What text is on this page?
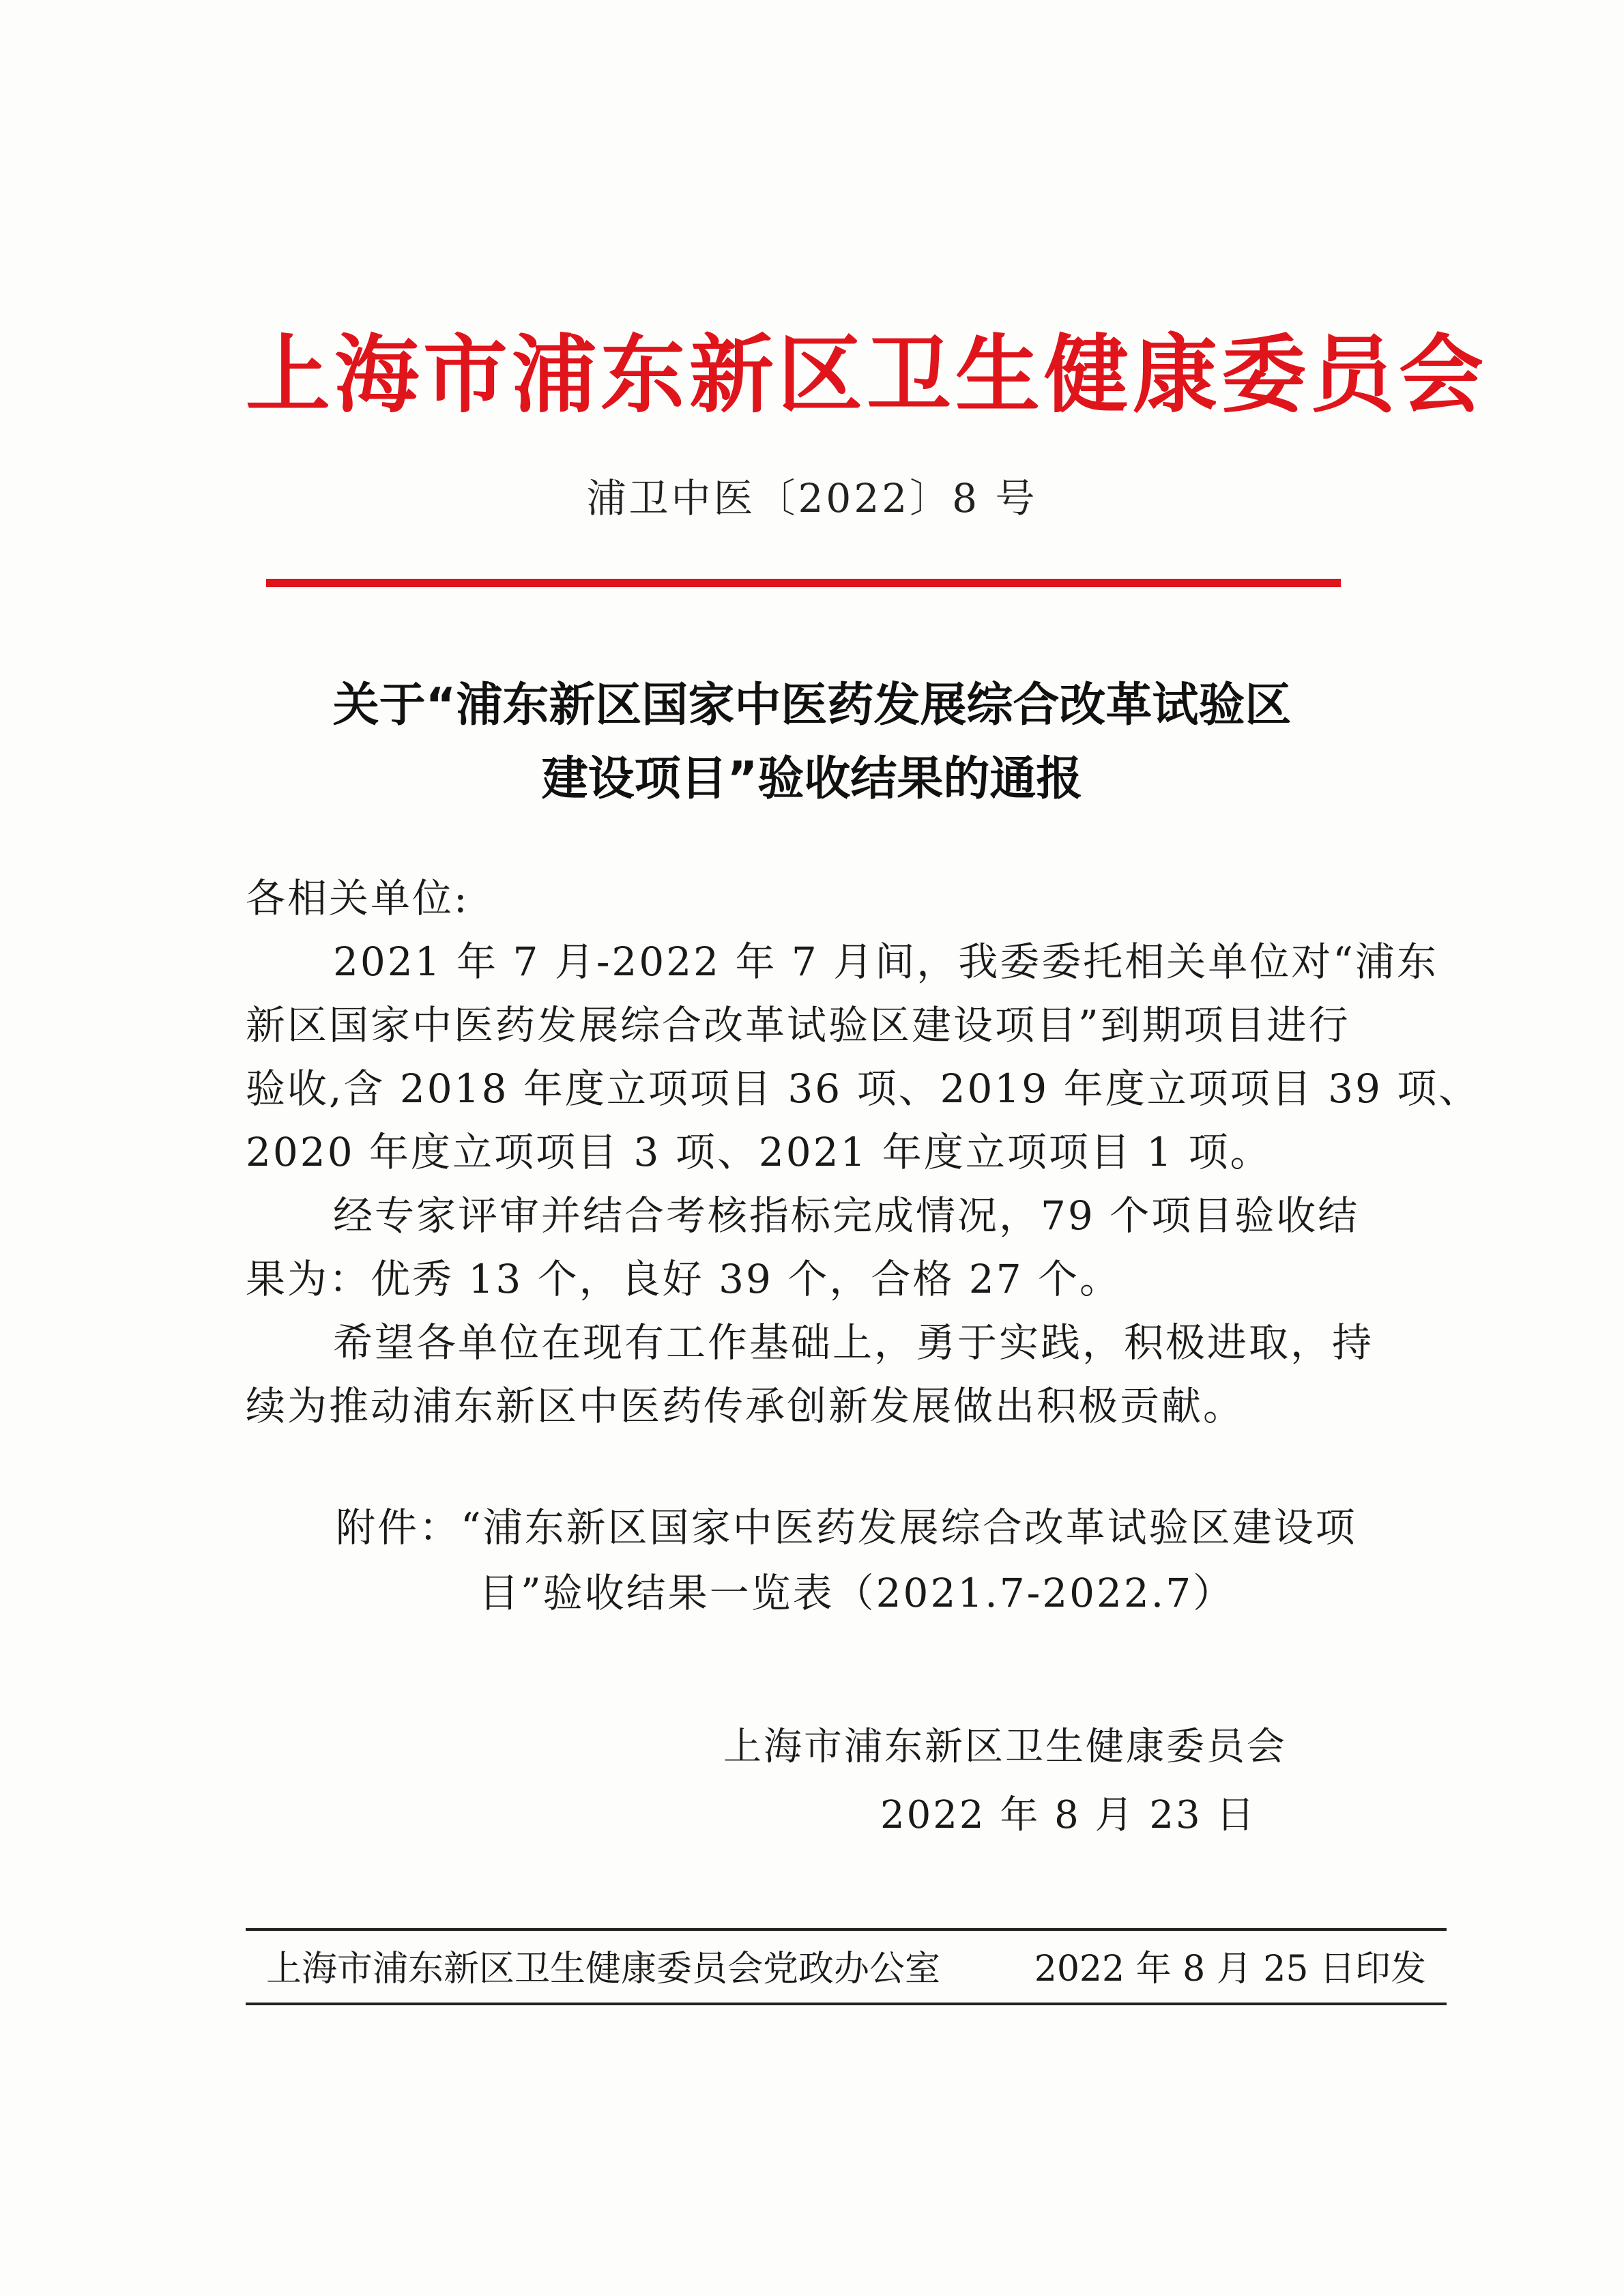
上海市浦东新区卫生健康委员会
浦卫中医〔2022〕8 号
关于“浦东新区国家中医药发展综合改革试验区
建设项目”验收结果的通报
各相关单位:
2021 年 7 月-2022 年 7 月间，我委委托相关单位对“浦东
新区国家中医药发展综合改革试验区建设项目”到期项目进行
验收,含 2018 年度立项项目 36 项、2019 年度立项项目 39 项、
2020 年度立项项目 3 项、2021 年度立项项目 1 项。
经专家评审并结合考核指标完成情况，79 个项目验收结
果为：优秀 13 个，良好 39 个，合格 27 个。
希望各单位在现有工作基础上，勇于实践，积极进取，持
续为推动浦东新区中医药传承创新发展做出积极贡献。
附件：“浦东新区国家中医药发展综合改革试验区建设项
目”验收结果一览表（2021.7-2022.7）
上海市浦东新区卫生健康委员会
2022 年 8 月 23 日
上海市浦东新区卫生健康委员会党政办公室	2022 年 8 月 25 日印发
